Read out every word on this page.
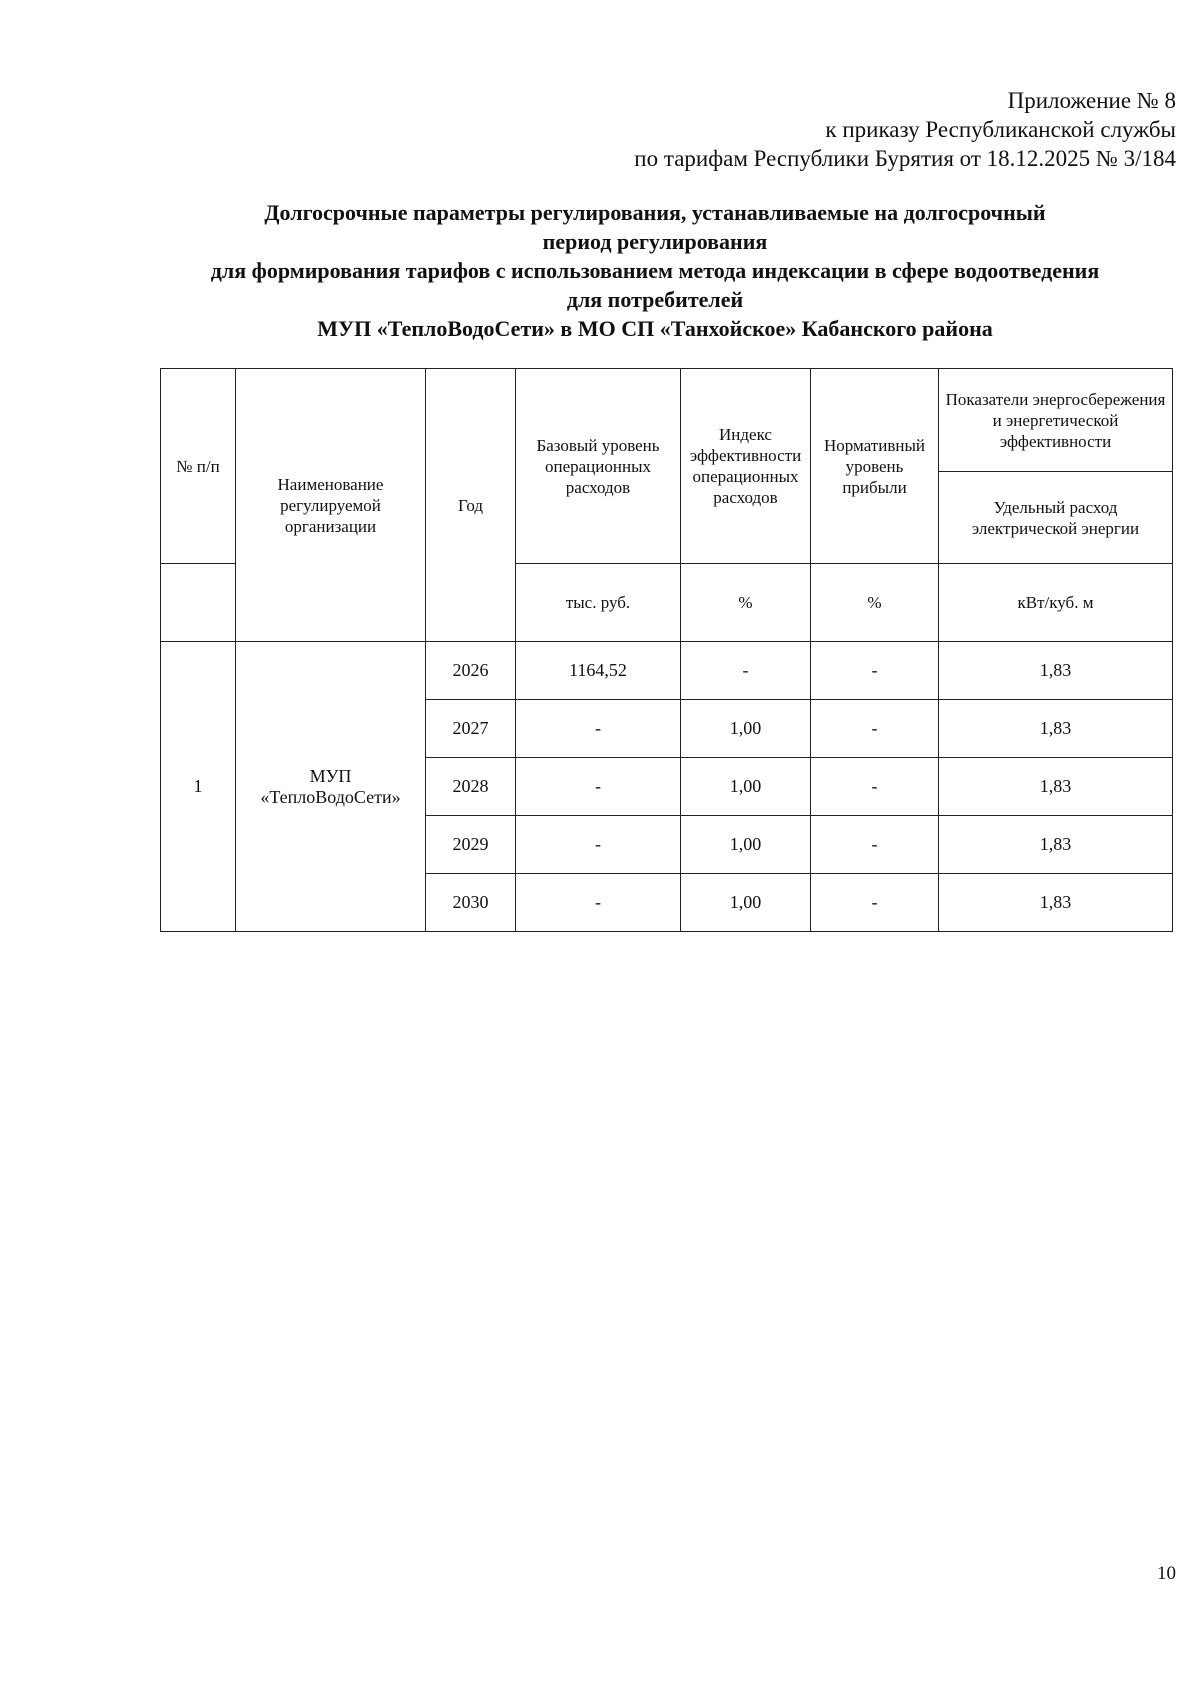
Приложение № 8
к приказу Республиканской службы
по тарифам Республики Бурятия от 18.12.2025 № 3/184
Долгосрочные параметры регулирования, устанавливаемые на долгосрочный
период регулирования
для формирования тарифов с использованием метода индексации в сфере водоотведения
для потребителей
МУП «ТеплоВодоСети» в МО СП «Танхойское» Кабанского района
№ п/п	Наименование регулируемой организации	Год	Базовый уровень операционных расходов	Индекс эффективности операционных расходов	Нормативный уровень прибыли	Показатели энергосбережения и энергетической эффективности
						Удельный расход электрической энергии
			тыс. руб.	%	%	кВт/куб. м
1	МУП «ТеплоВодоСети»	2026	1164,52	-	-	1,83
		2027	-	1,00	-	1,83
		2028	-	1,00	-	1,83
		2029	-	1,00	-	1,83
		2030	-	1,00	-	1,83
10
